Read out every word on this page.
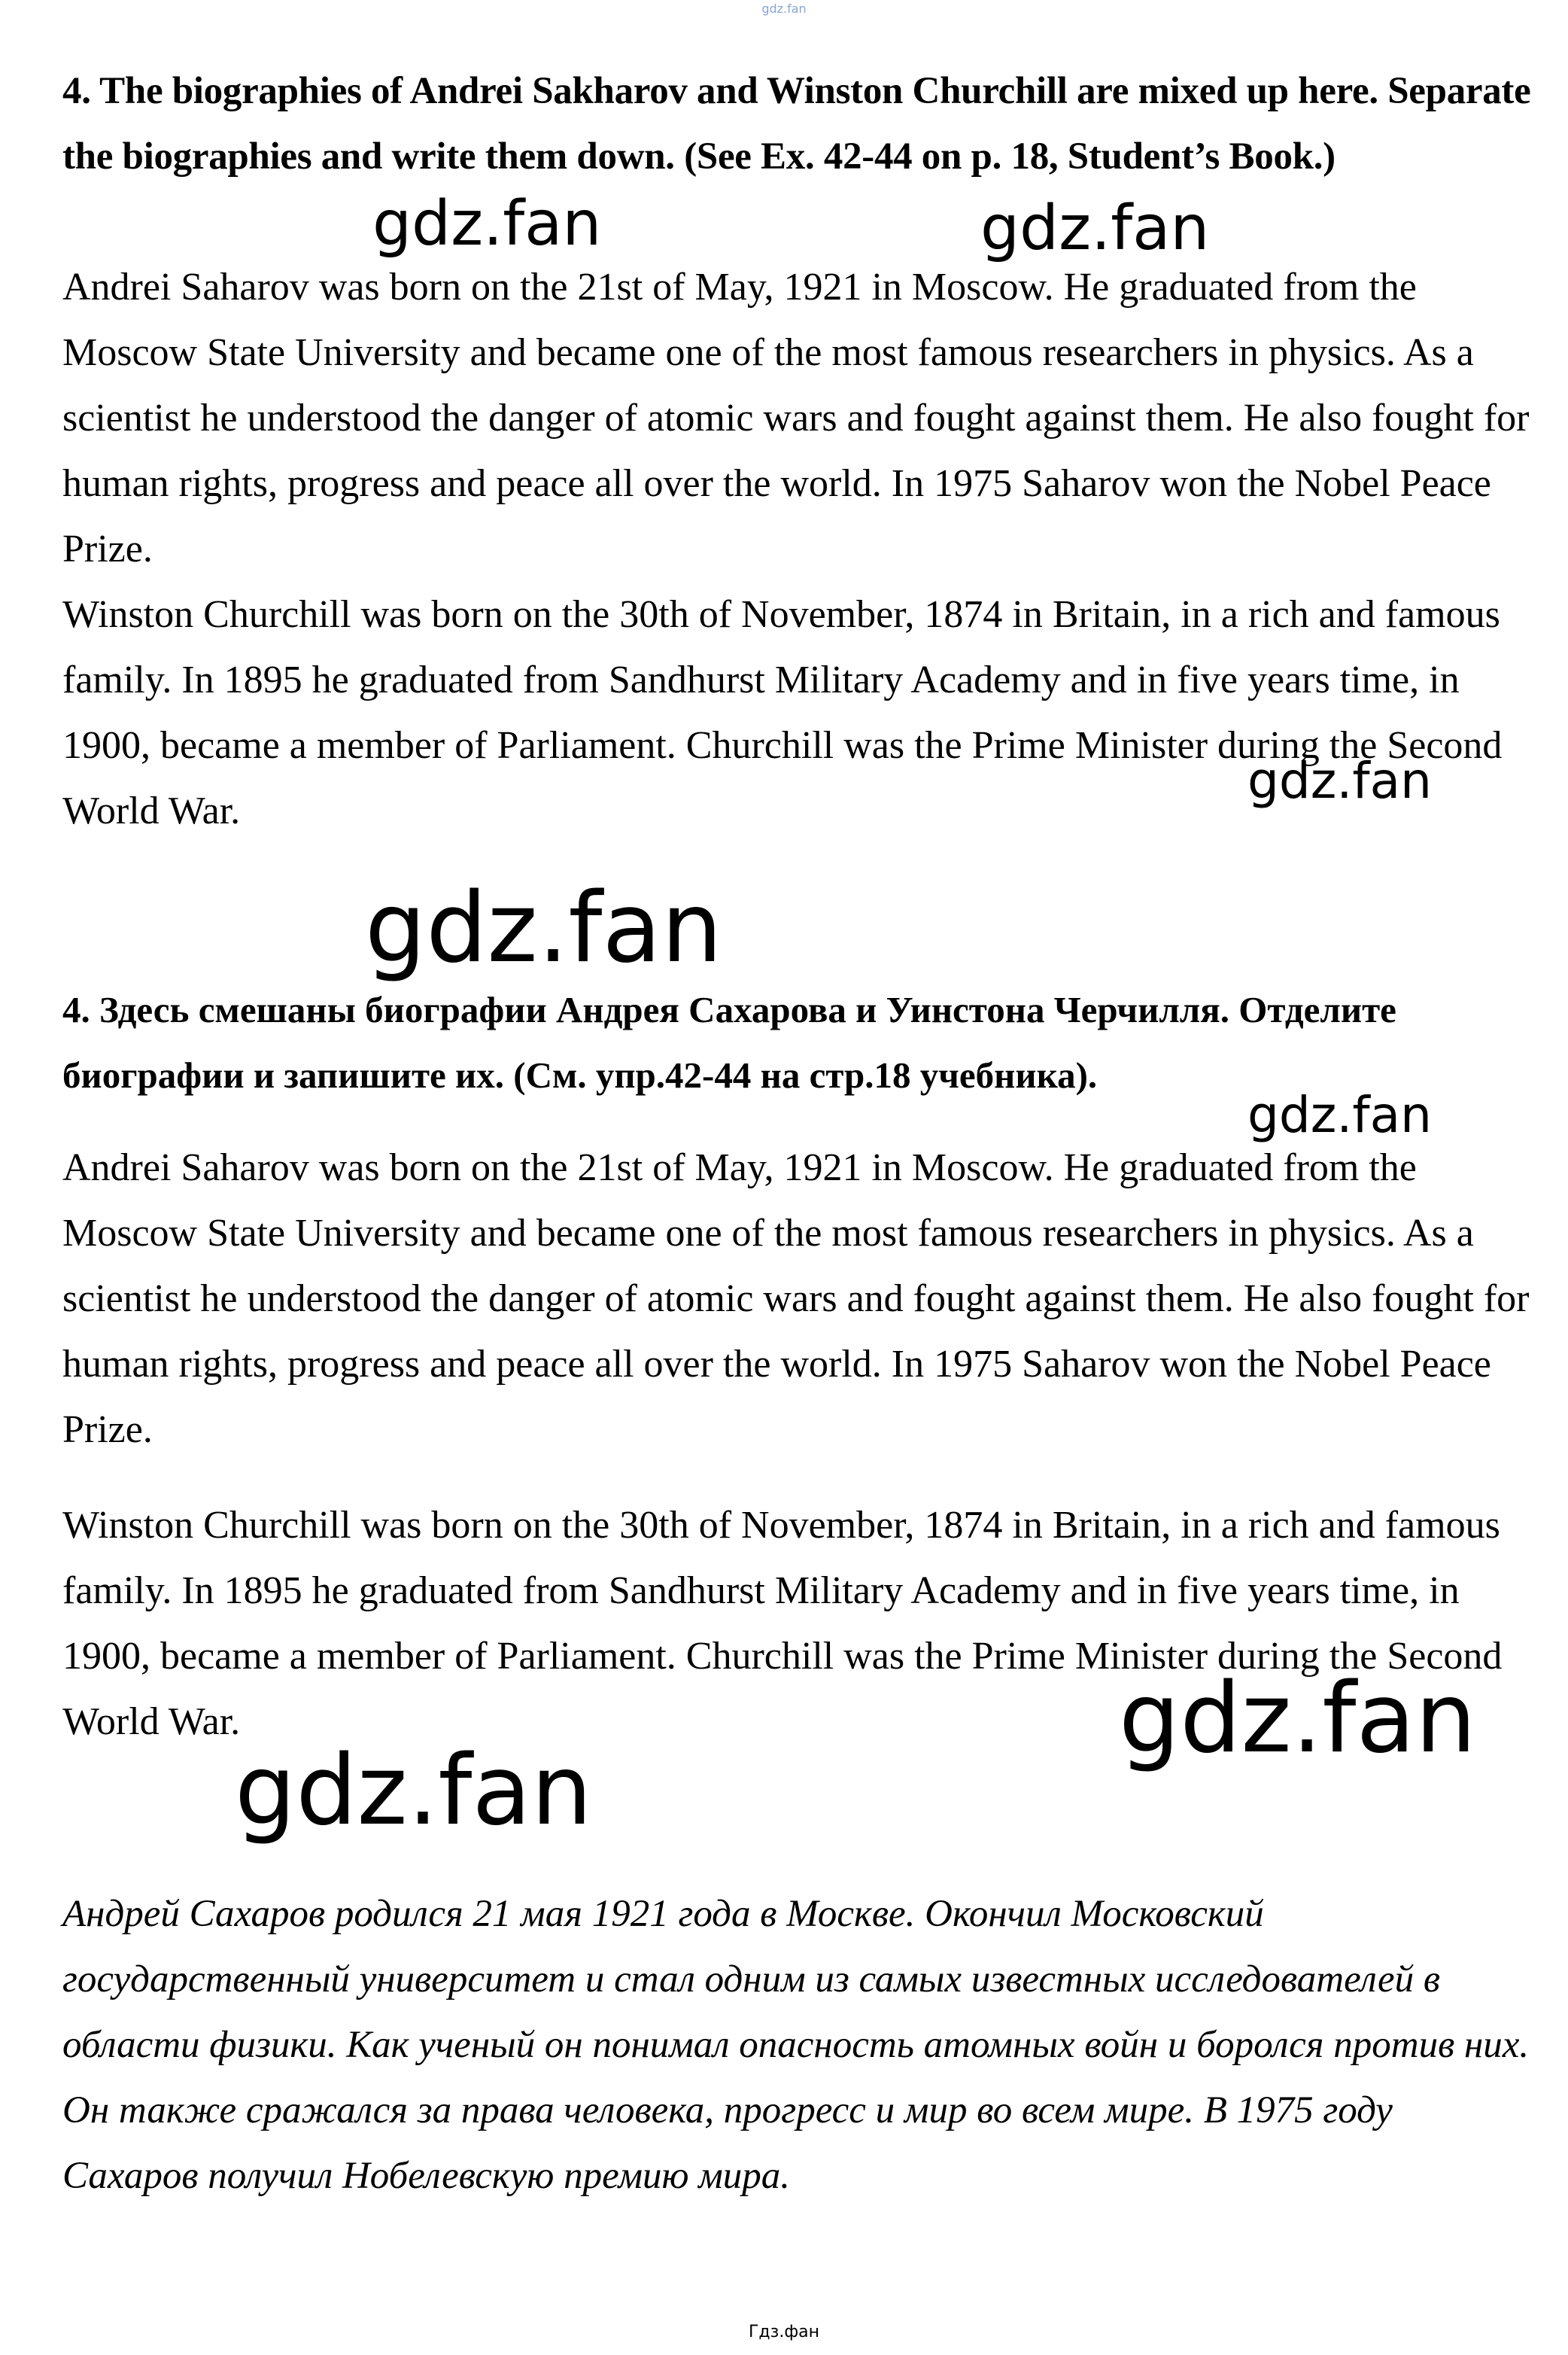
gdz.fan

4. The biographies of Andrei Sakharov and Winston Churchill are mixed up here. Separate the biographies and write them down. (See Ex. 42-44 on p. 18, Student’s Book.)

Andrei Saharov was born on the 21st of May, 1921 in Moscow. He graduated from the Moscow State University and became one of the most famous researchers in physics. As a scientist he understood the danger of atomic wars and fought against them. He also fought for human rights, progress and peace all over the world. In 1975 Saharov won the Nobel Peace Prize.

Winston Churchill was born on the 30th of November, 1874 in Britain, in a rich and famous family. In 1895 he graduated from Sandhurst Military Academy and in five years time, in 1900, became a member of Parliament. Churchill was the Prime Minister during the Second World War.

4. Здесь смешаны биографии Андрея Сахарова и Уинстона Черчилля. Отделите биографии и запишите их. (См. упр.42-44 на стр.18 учебника).

Andrei Saharov was born on the 21st of May, 1921 in Moscow. He graduated from the Moscow State University and became one of the most famous researchers in physics. As a scientist he understood the danger of atomic wars and fought against them. He also fought for human rights, progress and peace all over the world. In 1975 Saharov won the Nobel Peace Prize.

Winston Churchill was born on the 30th of November, 1874 in Britain, in a rich and famous family. In 1895 he graduated from Sandhurst Military Academy and in five years time, in 1900, became a member of Parliament. Churchill was the Prime Minister during the Second World War.

Андрей Сахаров родился 21 мая 1921 года в Москве. Окончил Московский государственный университет и стал одним из самых известных исследователей в области физики. Как ученый он понимал опасность атомных войн и боролся против них. Он также сражался за права человека, прогресс и мир во всем мире. В 1975 году Сахаров получил Нобелевскую премию мира.

gdz.fan	gdz.fan
gdz.fan
gdz.fan
gdz.fan
gdz.fan
gdz.fan
Гдз.фан
